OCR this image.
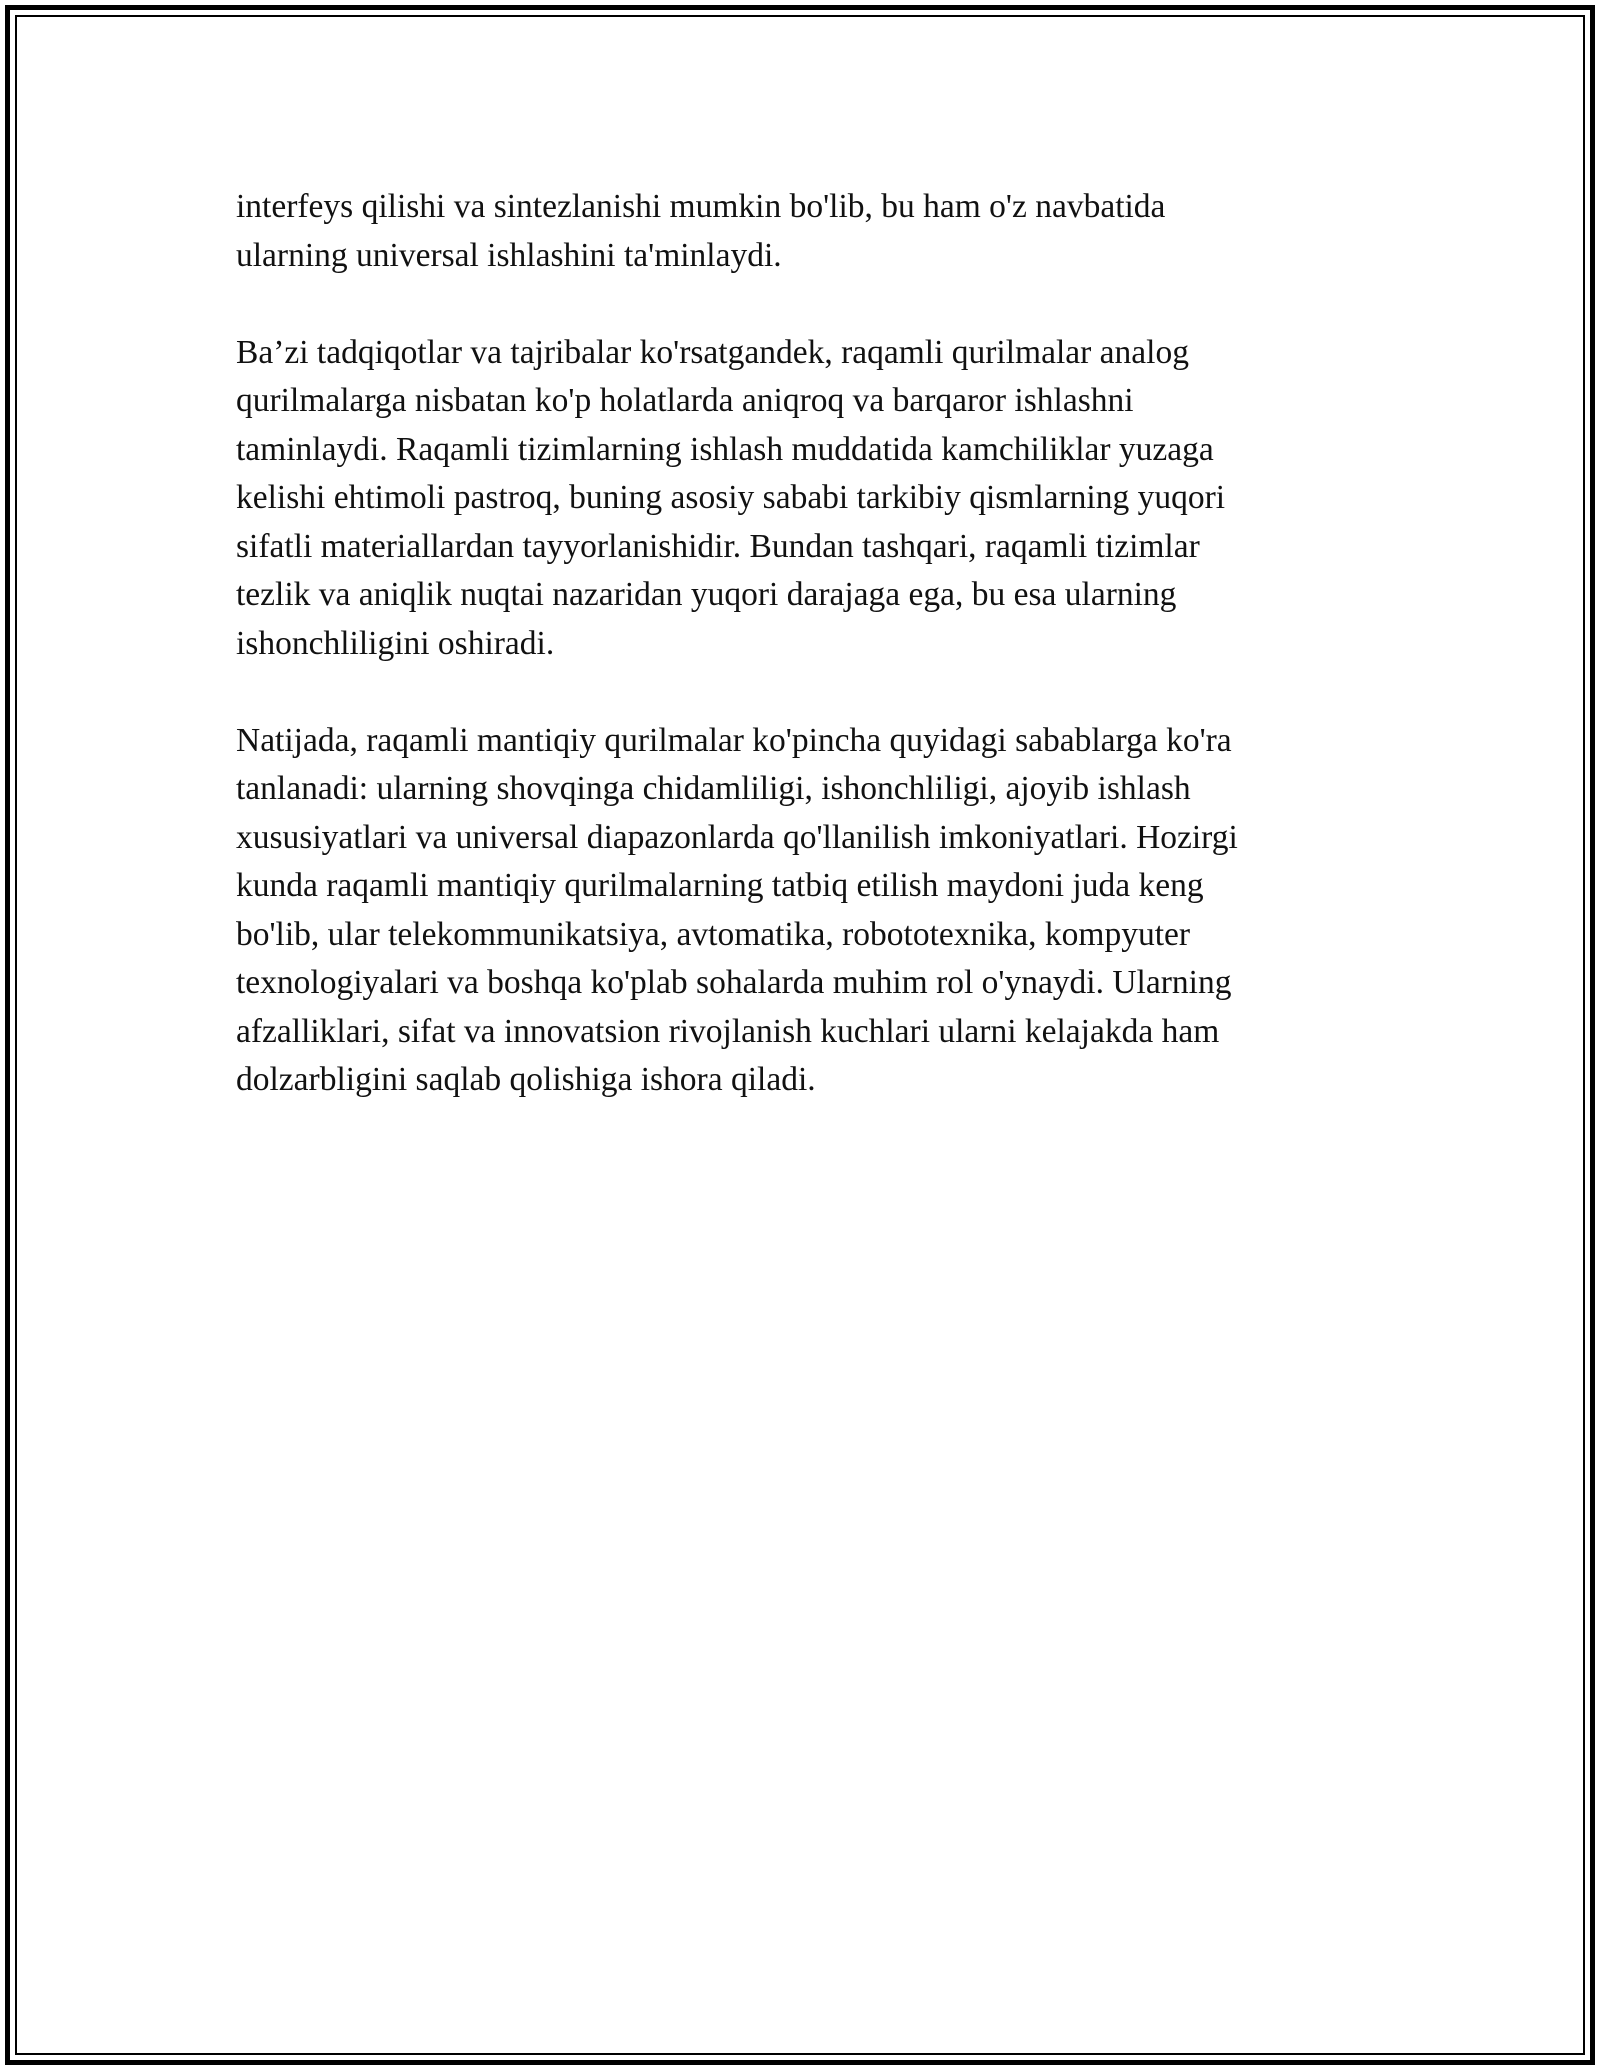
interfeys qilishi va sintezlanishi mumkin bo'lib, bu ham o'z navbatida
ularning universal ishlashini ta'minlaydi.

Ba’zi tadqiqotlar va tajribalar ko'rsatgandek, raqamli qurilmalar analog
qurilmalarga nisbatan ko'p holatlarda aniqroq va barqaror ishlashni
taminlaydi. Raqamli tizimlarning ishlash muddatida kamchiliklar yuzaga
kelishi ehtimoli pastroq, buning asosiy sababi tarkibiy qismlarning yuqori
sifatli materiallardan tayyorlanishidir. Bundan tashqari, raqamli tizimlar
tezlik va aniqlik nuqtai nazaridan yuqori darajaga ega, bu esa ularning
ishonchliligini oshiradi.

Natijada, raqamli mantiqiy qurilmalar ko'pincha quyidagi sabablarga ko'ra
tanlanadi: ularning shovqinga chidamliligi, ishonchliligi, ajoyib ishlash
xususiyatlari va universal diapazonlarda qo'llanilish imkoniyatlari. Hozirgi
kunda raqamli mantiqiy qurilmalarning tatbiq etilish maydoni juda keng
bo'lib, ular telekommunikatsiya, avtomatika, robototexnika, kompyuter
texnologiyalari va boshqa ko'plab sohalarda muhim rol o'ynaydi. Ularning
afzalliklari, sifat va innovatsion rivojlanish kuchlari ularni kelajakda ham
dolzarbligini saqlab qolishiga ishora qiladi.
